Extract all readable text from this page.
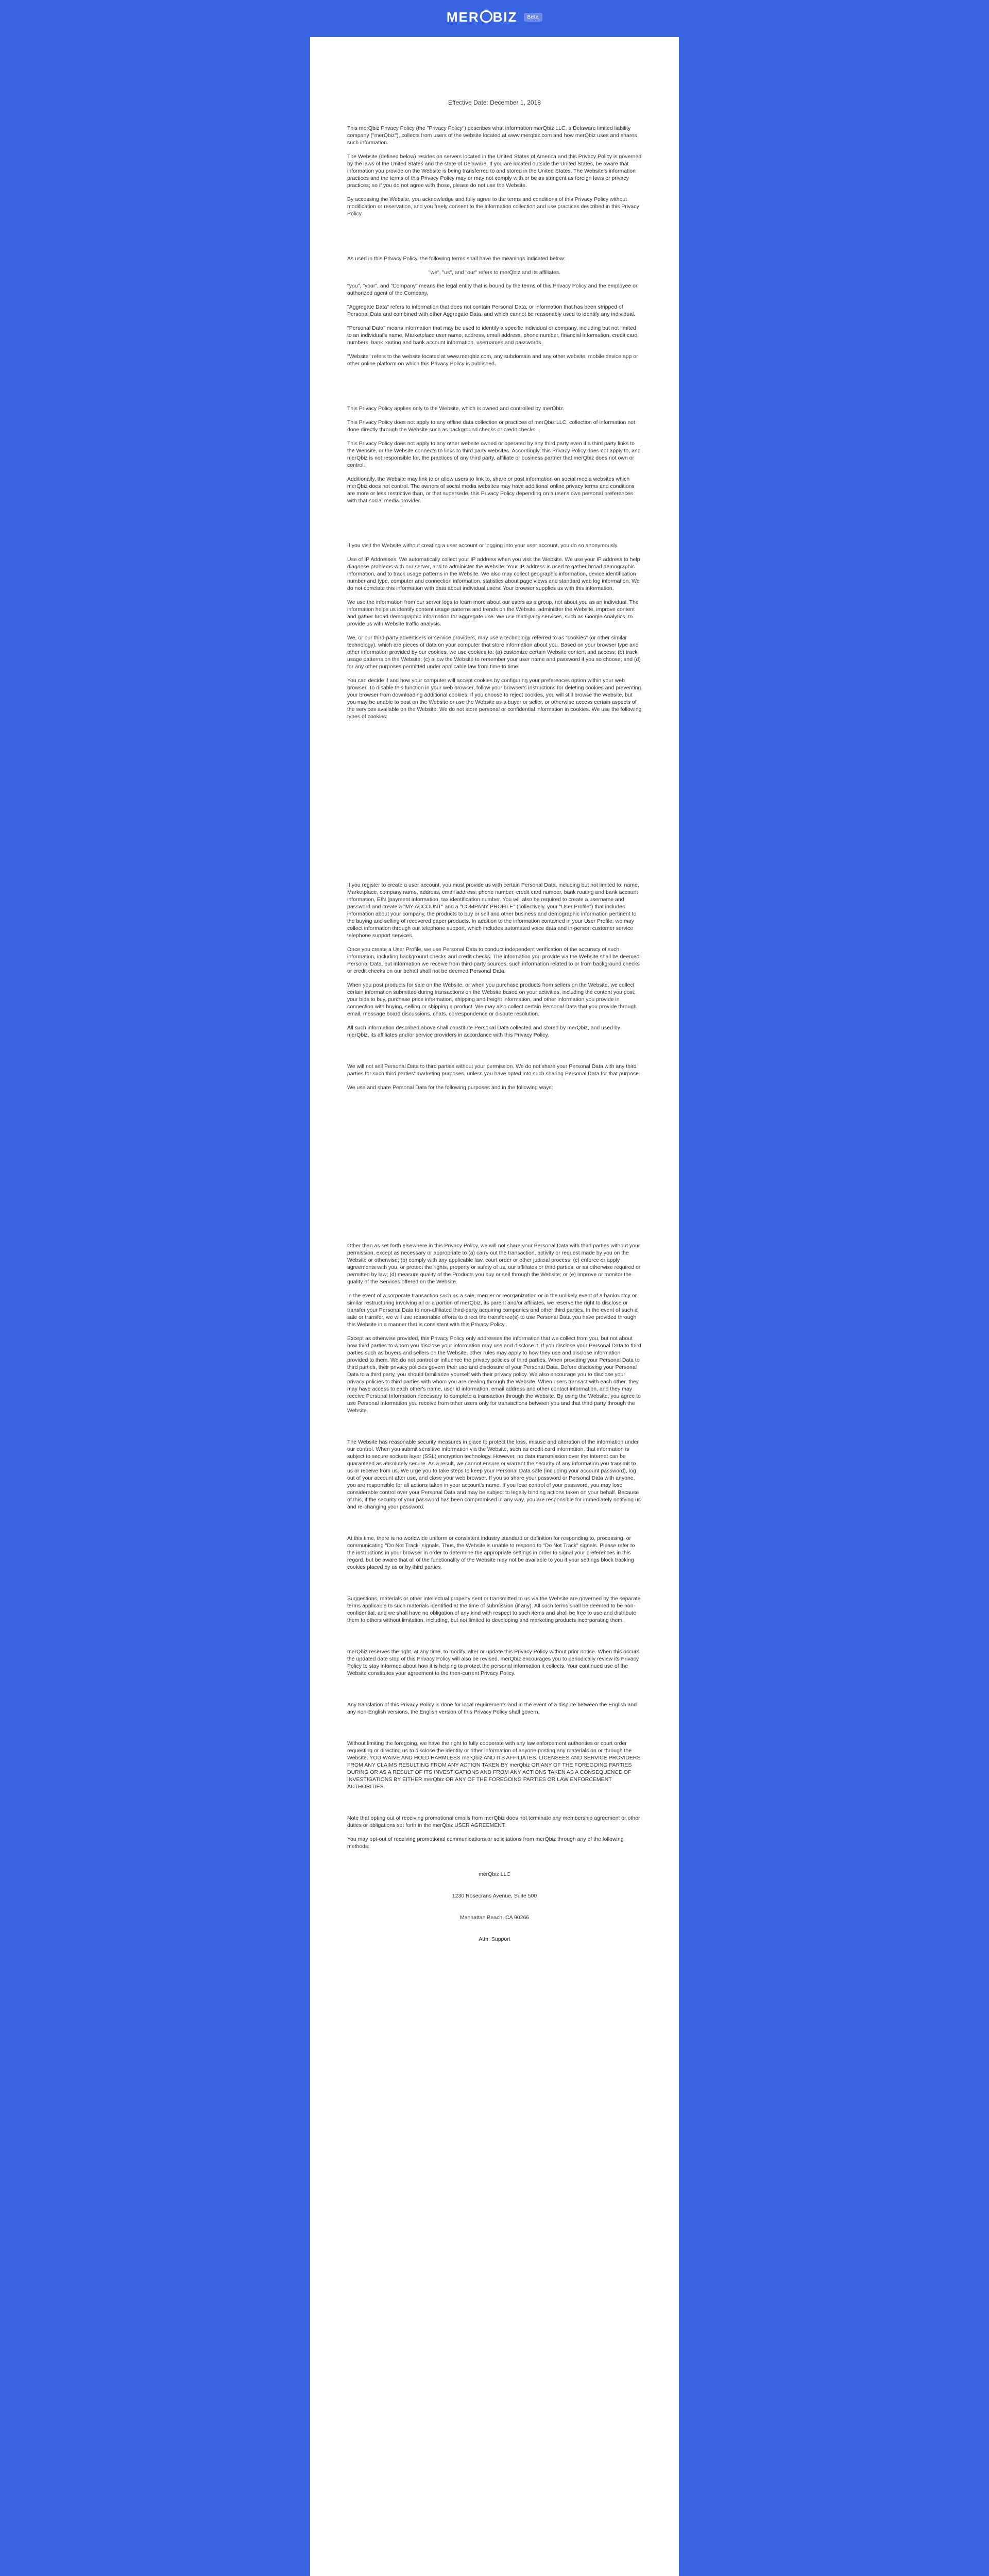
MER BIZ	Beta

Effective Date: December 1, 2018

This merQbiz Privacy Policy (the "Privacy Policy") describes what information merQbiz LLC, a Delaware limited liability company ("merQbiz"), collects from users of the website located at www.merqbiz.com and how merQbiz uses and shares such information.

The Website (defined below) resides on servers located in the United States of America and this Privacy Policy is governed by the laws of the United States and the state of Delaware. If you are located outside the United States, be aware that information you provide on the Website is being transferred to and stored in the United States. The Website's information practices and the terms of this Privacy Policy may or may not comply with or be as stringent as foreign laws or privacy practices; so if you do not agree with those, please do not use the Website.

By accessing the Website, you acknowledge and fully agree to the terms and conditions of this Privacy Policy without modification or reservation, and you freely consent to the information collection and use practices described in this Privacy Policy.

As used in this Privacy Policy, the following terms shall have the meanings indicated below:

"we", "us", and "our" refers to merQbiz and its affiliates.

"you", "your", and "Company" means the legal entity that is bound by the terms of this Privacy Policy and the employee or authorized agent of the Company.

"Aggregate Data" refers to information that does not contain Personal Data, or information that has been stripped of Personal Data and combined with other Aggregate Data, and which cannot be reasonably used to identify any individual.

"Personal Data" means information that may be used to identify a specific individual or company, including but not limited to an individual's name, Marketplace user name, address, email address, phone number, financial information, credit card numbers, bank routing and bank account information, usernames and passwords.

"Website" refers to the website located at www.merqbiz.com, any subdomain and any other website, mobile device app or other online platform on which this Privacy Policy is published.

This Privacy Policy applies only to the Website, which is owned and controlled by merQbiz.

This Privacy Policy does not apply to any offline data collection or practices of merQbiz LLC, collection of information not done directly through the Website such as background checks or credit checks.

This Privacy Policy does not apply to any other website owned or operated by any third party even if a third party links to the Website, or the Website connects to links to third party websites. Accordingly, this Privacy Policy does not apply to, and merQbiz is not responsible for, the practices of any third party, affiliate or business partner that merQbiz does not own or control.

Additionally, the Website may link to or allow users to link to, share or post information on social media websites which merQbiz does not control. The owners of social media websites may have additional online privacy terms and conditions are more or less restrictive than, or that supersede, this Privacy Policy depending on a user's own personal preferences with that social media provider.

If you visit the Website without creating a user account or logging into your user account, you do so anonymously.

Use of IP Addresses. We automatically collect your IP address when you visit the Website. We use your IP address to help diagnose problems with our server, and to administer the Website. Your IP address is used to gather broad demographic information, and to track usage patterns in the Website. We also may collect geographic information, device identification number and type, computer and connection information, statistics about page views and standard web log information. We do not correlate this information with data about individual users. Your browser supplies us with this information.

We use the information from our server logs to learn more about our users as a group, not about you as an individual. The information helps us identify content usage patterns and trends on the Website, administer the Website, improve content and gather broad demographic information for aggregate use. We use third-party services, such as Google Analytics, to provide us with Website traffic analysis.

We, or our third-party advertisers or service providers, may use a technology referred to as "cookies" (or other similar technology), which are pieces of data on your computer that store information about you. Based on your browser type and other information provided by our cookies, we use cookies to: (a) customize certain Website content and access; (b) track usage patterns on the Website; (c) allow the Website to remember your user name and password if you so choose; and (d) for any other purposes permitted under applicable law from time to time.

You can decide if and how your computer will accept cookies by configuring your preferences option within your web browser. To disable this function in your web browser, follow your browser's instructions for deleting cookies and preventing your browser from downloading additional cookies. If you choose to reject cookies, you will still browse the Website, but you may be unable to post on the Website or use the Website as a buyer or seller, or otherwise access certain aspects of the services available on the Website. We do not store personal or confidential information in cookies. We use the following types of cookies:

If you register to create a user account, you must provide us with certain Personal Data, including but not limited to: name, Marketplace, company name, address, email address, phone number, credit card number, bank routing and bank account information, EIN (payment information, tax identification number. You will also be required to create a username and password and create a "MY ACCOUNT" and a "COMPANY PROFILE" (collectively, your "User Profile") that includes information about your company, the products to buy or sell and other business and demographic information pertinent to the buying and selling of recovered paper products. In addition to the information contained in your User Profile, we may collect information through our telephone support, which includes automated voice data and in-person customer service telephone support services.

Once you create a User Profile, we use Personal Data to conduct independent verification of the accuracy of such information, including background checks and credit checks. The information you provide via the Website shall be deemed Personal Data, but information we receive from third-party sources, such information related to or from background checks or credit checks on our behalf shall not be deemed Personal Data.

When you post products for sale on the Website, or when you purchase products from sellers on the Website, we collect certain information submitted during transactions on the Website based on your activities, including the content you post, your bids to buy, purchase price information, shipping and freight information, and other information you provide in connection with buying, selling or shipping a product. We may also collect certain Personal Data that you provide through email, message board discussions, chats, correspondence or dispute resolution.

All such information described above shall constitute Personal Data collected and stored by merQbiz, and used by merQbiz, its affiliates and/or service providers in accordance with this Privacy Policy.

We will not sell Personal Data to third parties without your permission. We do not share your Personal Data with any third parties for such third parties' marketing purposes, unless you have opted into such sharing Personal Data for that purpose.

We use and share Personal Data for the following purposes and in the following ways:

Other than as set forth elsewhere in this Privacy Policy, we will not share your Personal Data with third parties without your permission, except as necessary or appropriate to (a) carry out the transaction, activity or request made by you on the Website or otherwise; (b) comply with any applicable law, court order or other judicial process; (c) enforce or apply agreements with you, or protect the rights, property or safety of us, our affiliates or third parties, or as otherwise required or permitted by law; (d) measure quality of the Products you buy or sell through the Website; or (e) improve or monitor the quality of the Services offered on the Website.

In the event of a corporate transaction such as a sale, merger or reorganization or in the unlikely event of a bankruptcy or similar restructuring involving all or a portion of merQbiz, its parent and/or affiliates, we reserve the right to disclose or transfer your Personal Data to non-affiliated third-party acquiring companies and other third parties. In the event of such a sale or transfer, we will use reasonable efforts to direct the transferee(s) to use Personal Data you have provided through this Website in a manner that is consistent with this Privacy Policy.

Except as otherwise provided, this Privacy Policy only addresses the information that we collect from you, but not about how third parties to whom you disclose your information may use and disclose it. If you disclose your Personal Data to third parties such as buyers and sellers on the Website, other rules may apply to how they use and disclose information provided to them. We do not control or influence the privacy policies of third parties. When providing your Personal Data to third parties, their privacy policies govern their use and disclosure of your Personal Data. Before disclosing your Personal Data to a third party, you should familiarize yourself with their privacy policy. We also encourage you to disclose your privacy policies to third parties with whom you are dealing through the Website. When users transact with each other, they may have access to each other's name, user id information, email address and other contact information, and they may receive Personal Information necessary to complete a transaction through the Website. By using the Website, you agree to use Personal Information you receive from other users only for transactions between you and that third party through the Website.

The Website has reasonable security measures in place to protect the loss, misuse and alteration of the information under our control. When you submit sensitive information via the Website, such as credit card information, that information is subject to secure sockets layer (SSL) encryption technology. However, no data transmission over the Internet can be guaranteed as absolutely secure. As a result, we cannot ensure or warrant the security of any information you transmit to us or receive from us. We urge you to take steps to keep your Personal Data safe (including your account password), log out of your account after use, and close your web browser. If you so share your password or Personal Data with anyone, you are responsible for all actions taken in your account's name. If you lose control of your password, you may lose considerable control over your Personal Data and may be subject to legally binding actions taken on your behalf. Because of this, if the security of your password has been compromised in any way, you are responsible for immediately notifying us and re-changing your password.

At this time, there is no worldwide uniform or consistent industry standard or definition for responding to, processing, or communicating "Do Not Track" signals. Thus, the Website is unable to respond to "Do Not Track" signals. Please refer to the instructions in your browser in order to determine the appropriate settings in order to signal your preferences in this regard, but be aware that all of the functionality of the Website may not be available to you if your settings block tracking cookies placed by us or by third parties.

Suggestions, materials or other intellectual property sent or transmitted to us via the Website are governed by the separate terms applicable to such materials identified at the time of submission (if any). All such terms shall be deemed to be non-confidential, and we shall have no obligation of any kind with respect to such items and shall be free to use and distribute them to others without limitation, including, but not limited to developing and marketing products incorporating them.

merQbiz reserves the right, at any time, to modify, alter or update this Privacy Policy without prior notice. When this occurs, the updated date stop of this Privacy Policy will also be revised. merQbiz encourages you to periodically review its Privacy Policy to stay informed about how it is helping to protect the personal information it collects. Your continued use of the Website constitutes your agreement to the then-current Privacy Policy.

Any translation of this Privacy Policy is done for local requirements and in the event of a dispute between the English and any non-English versions, the English version of this Privacy Policy shall govern.

Without limiting the foregoing, we have the right to fully cooperate with any law enforcement authorities or court order requesting or directing us to disclose the identity or other information of anyone posting any materials on or through the Website. YOU WAIVE AND HOLD HARMLESS merQbiz AND ITS AFFILIATES, LICENSEES AND SERVICE PROVIDERS FROM ANY CLAIMS RESULTING FROM ANY ACTION TAKEN BY merQbiz OR ANY OF THE FOREGOING PARTIES DURING OR AS A RESULT OF ITS INVESTIGATIONS AND FROM ANY ACTIONS TAKEN AS A CONSEQUENCE OF INVESTIGATIONS BY EITHER merQbiz OR ANY OF THE FOREGOING PARTIES OR LAW ENFORCEMENT AUTHORITIES.

Note that opting out of receiving promotional emails from merQbiz does not terminate any membership agreement or other duties or obligations set forth in the merQbiz USER AGREEMENT.

You may opt-out of receiving promotional communications or solicitations from merQbiz through any of the following methods:

merQbiz LLC

1230 Rosecrans Avenue, Suite 500

Manhattan Beach, CA 90266

Attn: Support
